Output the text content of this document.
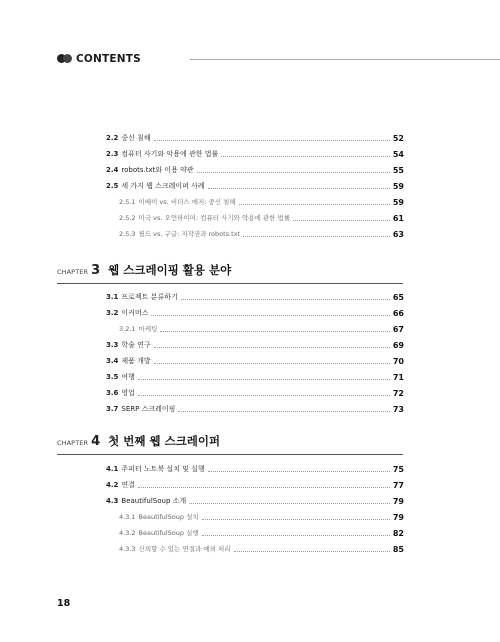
CONTENTS
2.2 중신 침해	52
2.3 컴퓨터 사기와 악용에 관한 법률	54
2.4 robots.txt와 이용 약관	55
2.5 세 가지 웹 스크레이퍼 사례	59
2.5.1 이베이 vs. 비더스 에지: 중신 침해	59
2.5.2 미국 vs. 오언하이머: 컴퓨터 사기와 악용에 관한 법률	61
2.5.3 필드 vs. 구글: 저작권과 robots.txt	63
CHAPTER 3 웹 스크레이핑 활용 분야
3.1 프로젝트 분류하기	65
3.2 이커머스	66
3.2.1 마케팅	67
3.3 학술 연구	69
3.4 제품 개발	70
3.5 여행	71
3.6 영업	72
3.7 SERP 스크레이핑	73
CHAPTER 4 첫 번째 웹 스크레이퍼
4.1 주피터 노트북 설치 및 실행	75
4.2 연결	77
4.3 BeautifulSoup 소개	79
4.3.1 BeautifulSoup 설치	79
4.3.2 BeautifulSoup 실행	82
4.3.3 신뢰할 수 있는 연결과 예외 처리	85
18
